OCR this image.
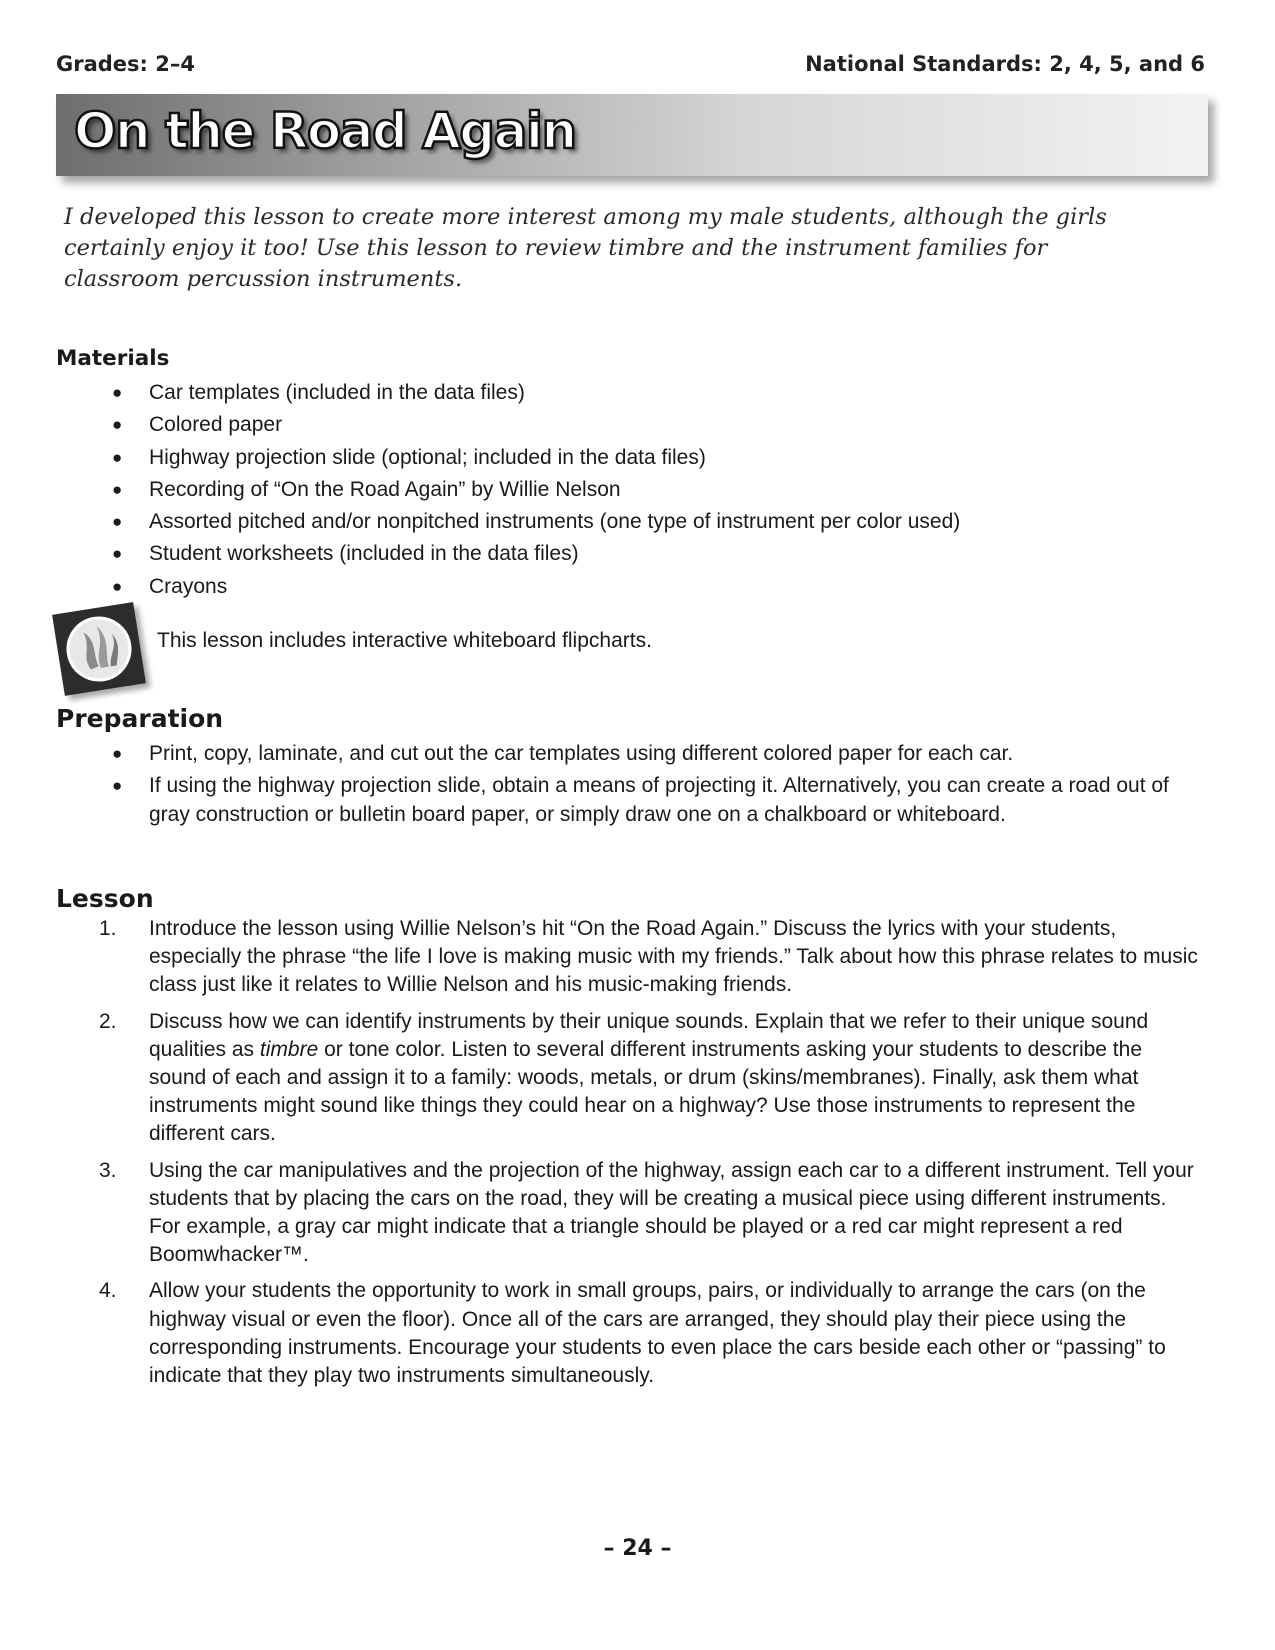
Grades: 2–4	National Standards: 2, 4, 5, and 6
On the Road Again

I developed this lesson to create more interest among my male students, although the girls certainly enjoy it too! Use this lesson to review timbre and the instrument families for classroom percussion instruments.

Materials
● Car templates (included in the data files)
● Colored paper
● Highway projection slide (optional; included in the data files)
● Recording of “On the Road Again” by Willie Nelson
● Assorted pitched and/or nonpitched instruments (one type of instrument per color used)
● Student worksheets (included in the data files)
● Crayons

This lesson includes interactive whiteboard flipcharts.

Preparation
● Print, copy, laminate, and cut out the car templates using different colored paper for each car.
● If using the highway projection slide, obtain a means of projecting it. Alternatively, you can create a road out of gray construction or bulletin board paper, or simply draw one on a chalkboard or whiteboard.
Lesson
1. Introduce the lesson using Willie Nelson’s hit “On the Road Again.” Discuss the lyrics with your students, especially the phrase “the life I love is making music with my friends.” Talk about how this phrase relates to music class just like it relates to Willie Nelson and his music-making friends.
2. Discuss how we can identify instruments by their unique sounds. Explain that we refer to their unique sound qualities as timbre or tone color. Listen to several different instruments asking your students to describe the sound of each and assign it to a family: woods, metals, or drum (skins/membranes). Finally, ask them what instruments might sound like things they could hear on a highway? Use those instruments to represent the different cars.
3. Using the car manipulatives and the projection of the highway, assign each car to a different instrument. Tell your students that by placing the cars on the road, they will be creating a musical piece using different instruments. For example, a gray car might indicate that a triangle should be played or a red car might represent a red Boomwhacker™.
4. Allow your students the opportunity to work in small groups, pairs, or individually to arrange the cars (on the highway visual or even the floor). Once all of the cars are arranged, they should play their piece using the corresponding instruments. Encourage your students to even place the cars beside each other or “passing” to indicate that they play two instruments simultaneously.
– 24 –
